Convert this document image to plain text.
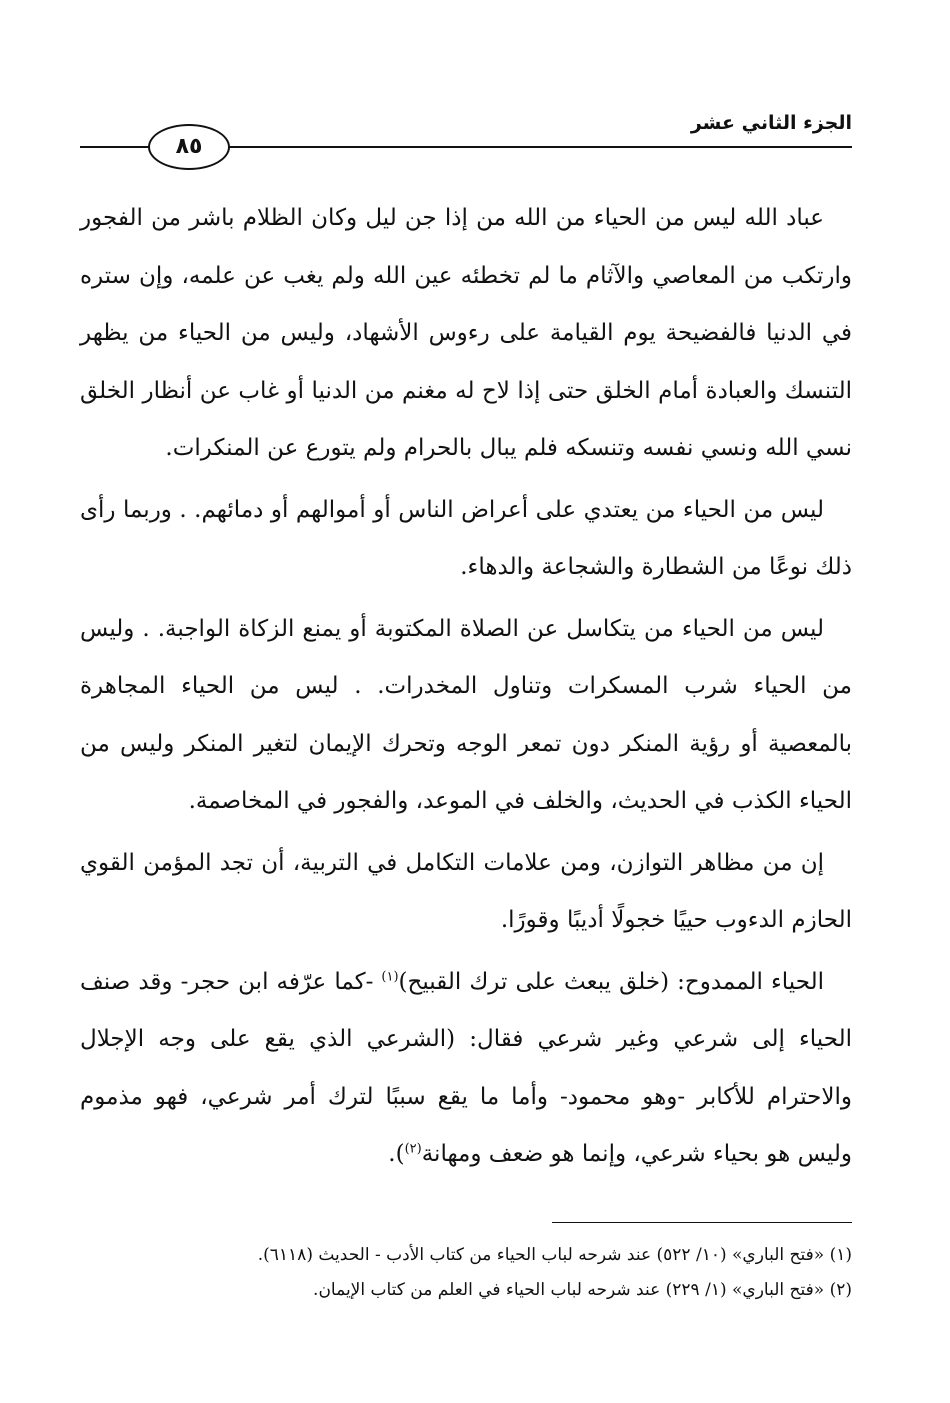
الجزء الثاني عشر
٨٥

عباد الله ليس من الحياء من الله من إذا جن ليل وكان الظلام باشر من الفجور وارتكب من المعاصي والآثام ما لم تخطئه عين الله ولم يغب عن علمه، وإن ستره في الدنيا فالفضيحة يوم القيامة على رءوس الأشهاد، وليس من الحياء من يظهر التنسك والعبادة أمام الخلق حتى إذا لاح له مغنم من الدنيا أو غاب عن أنظار الخلق نسي الله ونسي نفسه وتنسكه فلم يبال بالحرام ولم يتورع عن المنكرات.

ليس من الحياء من يعتدي على أعراض الناس أو أموالهم أو دمائهم. . وربما رأى ذلك نوعًا من الشطارة والشجاعة والدهاء.

ليس من الحياء من يتكاسل عن الصلاة المكتوبة أو يمنع الزكاة الواجبة. . وليس من الحياء شرب المسكرات وتناول المخدرات. . ليس من الحياء المجاهرة بالمعصية أو رؤية المنكر دون تمعر الوجه وتحرك الإيمان لتغير المنكر وليس من الحياء الكذب في الحديث، والخلف في الموعد، والفجور في المخاصمة.

إن من مظاهر التوازن، ومن علامات التكامل في التربية، أن تجد المؤمن القوي الحازم الدءوب حييًا خجولًا أديبًا وقورًا.

الحياء الممدوح: (خلق يبعث على ترك القبيح)$^{(١)}$ -كما عرّفه ابن حجر- وقد صنف الحياء إلى شرعي وغير شرعي فقال: (الشرعي الذي يقع على وجه الإجلال والاحترام للأكابر -وهو محمود- وأما ما يقع سببًا لترك أمر شرعي، فهو مذموم وليس هو بحياء شرعي، وإنما هو ضعف ومهانة$^{(٢)}$).

(١) «فتح الباري» (١٠/ ٥٢٢) عند شرحه لباب الحياء من كتاب الأدب - الحديث (٦١١٨).
(٢) «فتح الباري» (١/ ٢٢٩) عند شرحه لباب الحياء في العلم من كتاب الإيمان.
